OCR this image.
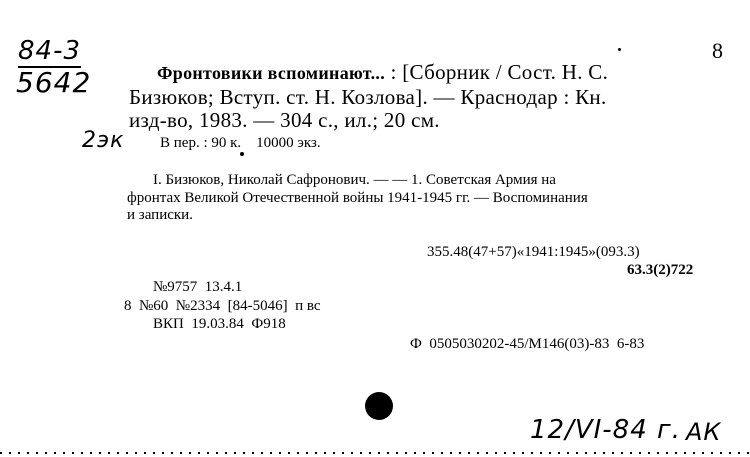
84-3
5642
8
Фронтовики вспоминают... : [Сборник / Сост. Н. С.
Бизюков; Вступ. ст. Н. Козлова]. — Краснодар : Кн.
изд-во, 1983. — 304 с., ил.; 20 см.
2эк В пер. : 90 к.    10000 экз.
I. Бизюков, Николай Сафронович. — — 1. Советская Армия на
фронтах Великой Отечественной войны 1941-1945 гг. — Воспоминания
и записки.
355.48(47+57)«1941:1945»(093.3)
63.3(2)722
№9757  13.4.1
8  №60  №2334  [84-5046]  п вс
ВКП  19.03.84  Ф918
Ф  0505030202-45/М146(03)-83  6-83
12/VI-84 г. АК
